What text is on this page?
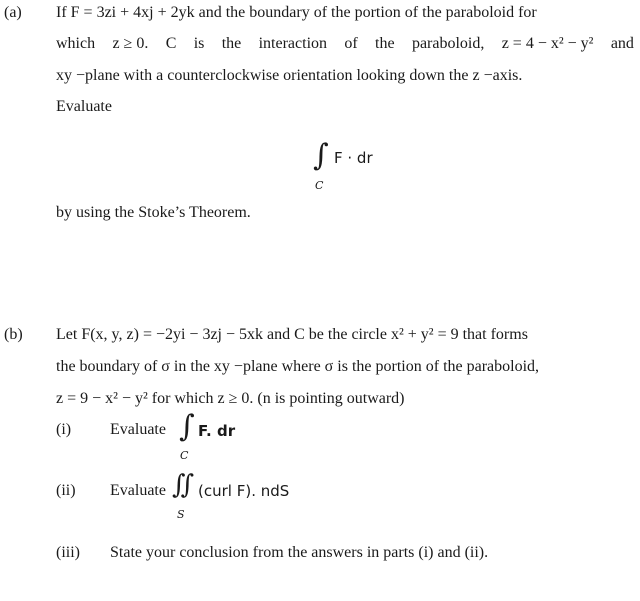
(a) If F = 3zi + 4xj + 2yk and the boundary of the portion of the paraboloid for
which z ≥ 0. C is the interaction of the paraboloid, z = 4 − x² − y² and
xy −plane with a counterclockwise orientation looking down the z −axis.
Evaluate
∫ F · dr
C
by using the Stoke’s Theorem.
(b) Let F(x, y, z) = −2yi − 3zj − 5xk and C be the circle x² + y² = 9 that forms
the boundary of σ in the xy −plane where σ is the portion of the paraboloid,
z = 9 − x² − y² for which z ≥ 0. (n is pointing outward)
(i) Evaluate ∫ F. dr
C
(ii) Evaluate ∬ (curl F). ndS
S
(iii) State your conclusion from the answers in parts (i) and (ii).
